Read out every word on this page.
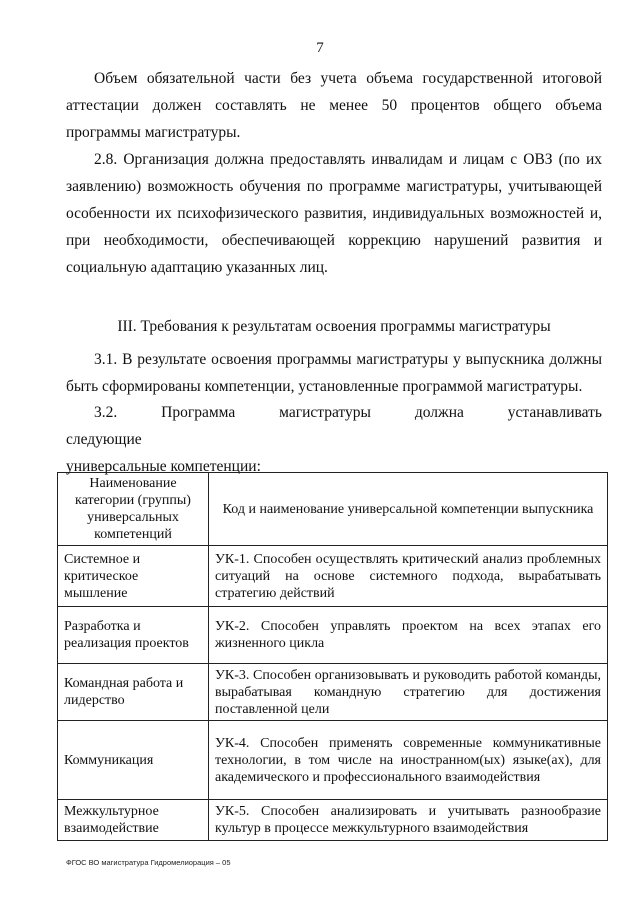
7

Объем обязательной части без учета объема государственной итоговой аттестации должен составлять не менее 50 процентов общего объема программы магистратуры.

2.8. Организация должна предоставлять инвалидам и лицам с ОВЗ (по их заявлению) возможность обучения по программе магистратуры, учитывающей особенности их психофизического развития, индивидуальных возможностей и, при необходимости, обеспечивающей коррекцию нарушений развития и социальную адаптацию указанных лиц.

III. Требования к результатам освоения программы магистратуры

3.1. В результате освоения программы магистратуры у выпускника должны быть сформированы компетенции, установленные программой магистратуры.

3.2. Программа магистратуры должна устанавливать следующие
универсальные компетенции:

Наименование категории (группы) универсальных компетенций	Код и наименование универсальной компетенции выпускника
Системное и критическое мышление	УК-1. Способен осуществлять критический анализ проблемных ситуаций на основе системного подхода, вырабатывать стратегию действий
Разработка и реализация проектов	УК-2. Способен управлять проектом на всех этапах его жизненного цикла
Командная работа и лидерство	УК-3. Способен организовывать и руководить работой команды, вырабатывая командную стратегию для достижения поставленной цели
Коммуникация	УК-4. Способен применять современные коммуникативные технологии, в том числе на иностранном(ых) языке(ах), для академического и профессионального взаимодействия
Межкультурное взаимодействие	УК-5. Способен анализировать и учитывать разнообразие культур в процессе межкультурного взаимодействия
ФГОС ВО магистратура Гидромелиорация – 05
